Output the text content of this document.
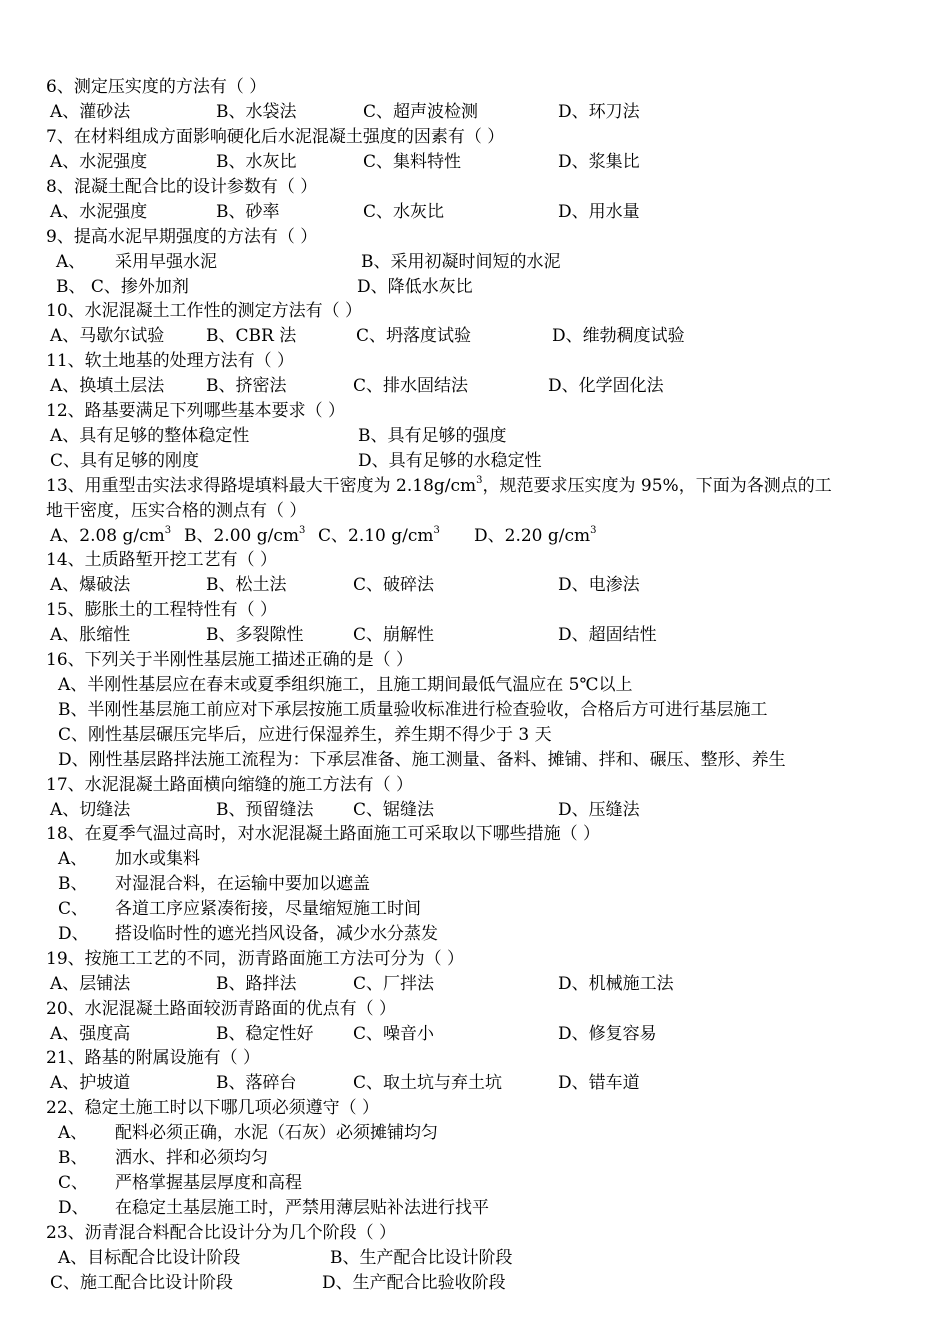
6、测定压实度的方法有（ ）
A、灌砂法	B、水袋法	C、超声波检测	D、环刀法
7、在材料组成方面影响硬化后水泥混凝土强度的因素有（ ）
A、水泥强度	B、水灰比	C、集料特性	D、浆集比
8、混凝土配合比的设计参数有（ ）
A、水泥强度	B、砂率	C、水灰比	D、用水量
9、提高水泥早期强度的方法有（ ）
A、 采用早强水泥	B、采用初凝时间短的水泥
B、 C、掺外加剂	D、降低水灰比
10、水泥混凝土工作性的测定方法有（ ）
A、马歇尔试验 B、CBR 法	C、坍落度试验	D、维勃稠度试验
11、软土地基的处理方法有（ ）
A、换填土层法 B、挤密法	C、排水固结法	D、化学固化法
12、路基要满足下列哪些基本要求（ ）
A、具有足够的整体稳定性	B、具有足够的强度
C、具有足够的刚度	D、具有足够的水稳定性
13、用重型击实法求得路堤填料最大干密度为 $2.18g/cm^3$，规范要求压实度为 95%，下面为各测点的工
地干密度，压实合格的测点有（ ）
A、2.08 $g/cm^3$ B、2.00 $g/cm^3$ C、2.10 $g/cm^3$ D、2.20 $g/cm^3$
14、土质路堑开挖工艺有（ ）
A、爆破法	B、松土法	C、破碎法	D、电渗法
15、膨胀土的工程特性有（ ）
A、胀缩性	B、多裂隙性	C、崩解性	D、超固结性
16、下列关于半刚性基层施工描述正确的是（ ）
A、半刚性基层应在春末或夏季组织施工，且施工期间最低气温应在 5℃以上
B、半刚性基层施工前应对下承层按施工质量验收标准进行检查验收，合格后方可进行基层施工
C、刚性基层碾压完毕后，应进行保湿养生，养生期不得少于 3 天
D、刚性基层路拌法施工流程为：下承层准备、施工测量、备料、摊铺、拌和、碾压、整形、养生
17、水泥混凝土路面横向缩缝的施工方法有（ ）
A、切缝法	B、预留缝法 C、锯缝法	D、压缝法
18、在夏季气温过高时，对水泥混凝土路面施工可采取以下哪些措施（ ）
A、 加水或集料
B、 对湿混合料，在运输中要加以遮盖
C、 各道工序应紧凑衔接，尽量缩短施工时间
D、 搭设临时性的遮光挡风设备，减少水分蒸发
19、按施工工艺的不同，沥青路面施工方法可分为（ ）
A、层铺法	B、路拌法	C、厂拌法	D、机械施工法
20、水泥混凝土路面较沥青路面的优点有（ ）
A、强度高	B、稳定性好 C、噪音小	D、修复容易
21、路基的附属设施有（ ）
A、护坡道	B、落碎台	C、取土坑与弃土坑	D、错车道
22、稳定土施工时以下哪几项必须遵守（ ）
A、 配料必须正确，水泥（石灰）必须摊铺均匀
B、 洒水、拌和必须均匀
C、 严格掌握基层厚度和高程
D、 在稳定土基层施工时，严禁用薄层贴补法进行找平
23、沥青混合料配合比设计分为几个阶段（ ）
A、目标配合比设计阶段	B、生产配合比设计阶段
C、施工配合比设计阶段	D、生产配合比验收阶段
